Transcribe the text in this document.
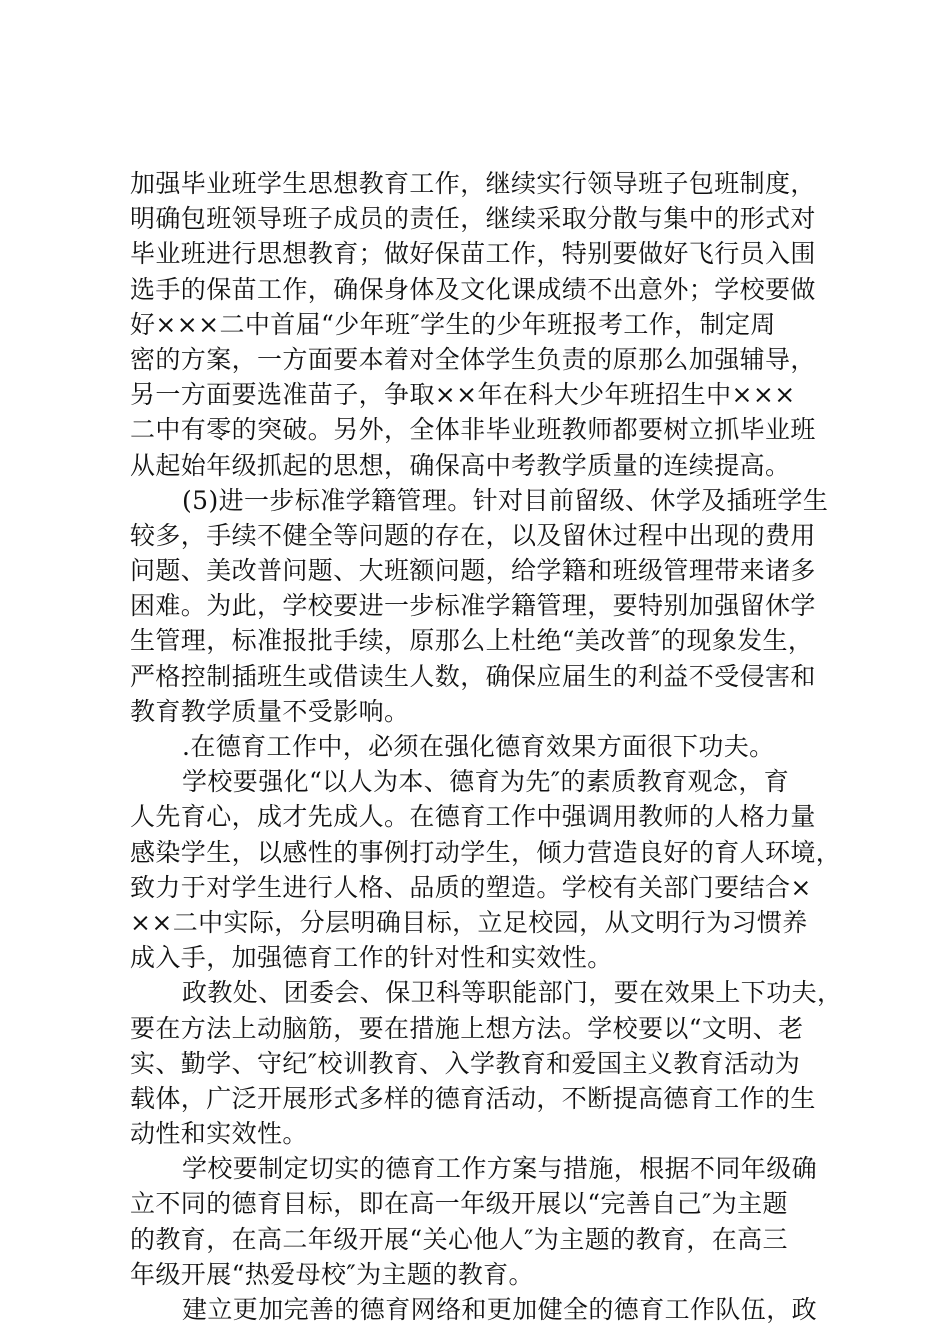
加强毕业班学生思想教育工作，继续实行领导班子包班制度，
明确包班领导班子成员的责任，继续采取分散与集中的形式对
毕业班进行思想教育；做好保苗工作，特别要做好飞行员入围
选手的保苗工作，确保身体及文化课成绩不出意外；学校要做
好×××二中首届“少年班″学生的少年班报考工作，制定周
密的方案，一方面要本着对全体学生负责的原那么加强辅导，
另一方面要选准苗子，争取××年在科大少年班招生中×××
二中有零的突破。另外，全体非毕业班教师都要树立抓毕业班
从起始年级抓起的思想，确保高中考教学质量的连续提高。
(5)进一步标准学籍管理。针对目前留级、休学及插班学生
较多，手续不健全等问题的存在，以及留休过程中出现的费用
问题、美改普问题、大班额问题，给学籍和班级管理带来诸多
困难。为此，学校要进一步标准学籍管理，要特别加强留休学
生管理，标准报批手续，原那么上杜绝“美改普″的现象发生，
严格控制插班生或借读生人数，确保应届生的利益不受侵害和
教育教学质量不受影响。
.在德育工作中，必须在强化德育效果方面很下功夫。
学校要强化“以人为本、德育为先″的素质教育观念，育
人先育心，成才先成人。在德育工作中强调用教师的人格力量
感染学生，以感性的事例打动学生，倾力营造良好的育人环境，
致力于对学生进行人格、品质的塑造。学校有关部门要结合×
××二中实际，分层明确目标，立足校园，从文明行为习惯养
成入手，加强德育工作的针对性和实效性。
政教处、团委会、保卫科等职能部门，要在效果上下功夫，
要在方法上动脑筋，要在措施上想方法。学校要以“文明、老
实、勤学、守纪″校训教育、入学教育和爱国主义教育活动为
载体，广泛开展形式多样的德育活动，不断提高德育工作的生
动性和实效性。
学校要制定切实的德育工作方案与措施，根据不同年级确
立不同的德育目标，即在高一年级开展以“完善自己″为主题
的教育，在高二年级开展“关心他人″为主题的教育，在高三
年级开展“热爱母校″为主题的教育。
建立更加完善的德育网络和更加健全的德育工作队伍，政
